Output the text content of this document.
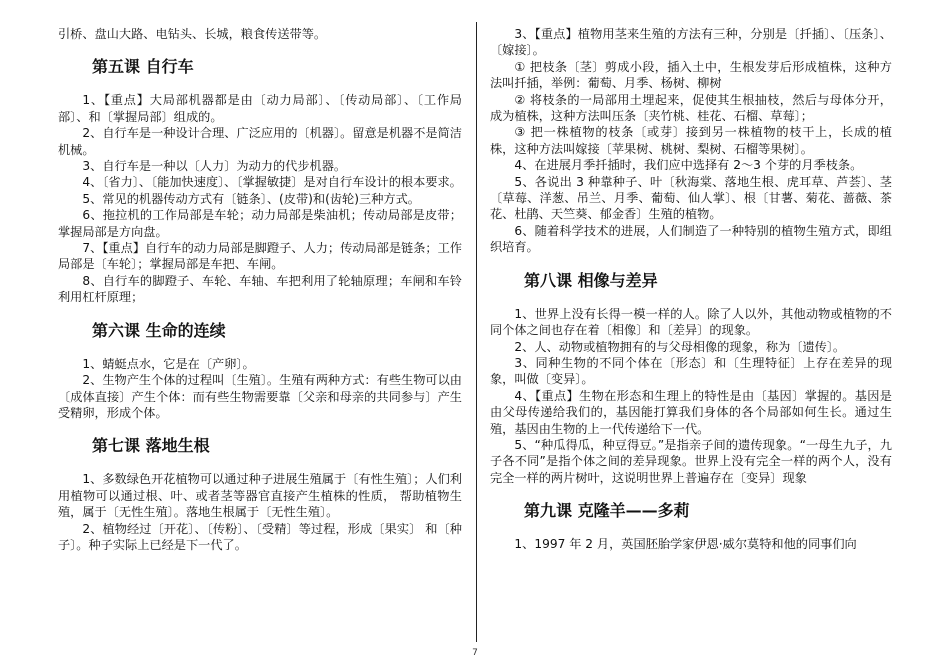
引桥、盘山大路、电钻头、长城，粮食传送带等。

第五课 自行车

1、【重点】大局部机器都是由〔动力局部〕、〔传动局部〕、〔工作局部〕、和〔掌握局部〕组成的。

2、自行车是一种设计合理、广泛应用的〔机器〕。留意是机器不是简洁机械。

3、自行车是一种以〔人力〕为动力的代步机器。

4、〔省力〕、〔能加快速度〕、〔掌握敏捷〕是对自行车设计的根本要求。

5、常见的机器传动方式有〔链条〕、(皮带)和(齿轮)三种方式。

6、拖拉机的工作局部是车轮；动力局部是柴油机；传动局部是皮带；掌握局部是方向盘。

7、【重点】自行车的动力局部是脚蹬子、人力；传动局部是链条；工作局部是〔车轮〕；掌握局部是车把、车闸。

8、自行车的脚蹬子、车轮、车轴、车把利用了轮轴原理；车闸和车铃利用杠杆原理；

第六课 生命的连续

1、蜻蜓点水，它是在〔产卵〕。

2、生物产生个体的过程叫〔生殖〕。生殖有两种方式：有些生物可以由〔成体直接〕产生个体：而有些生物需要靠〔父亲和母亲的共同参与〕产生受精卵，形成个体。

第七课 落地生根

1、多数绿色开花植物可以通过种子进展生殖属于〔有性生殖〕；人们利用植物可以通过根、叶、或者茎等器官直接产生植株的性质， 帮助植物生殖，属于〔无性生殖〕。落地生根属于〔无性生殖〕。

2、植物经过〔开花〕、〔传粉〕、〔受精〕等过程，形成〔果实〕 和〔种子〕。种子实际上已经是下一代了。

3、【重点】植物用茎来生殖的方法有三种，分别是〔扦插〕、〔压条〕、〔嫁接〕。

① 把枝条〔茎〕剪成小段，插入土中，生根发芽后形成植株，这种方法叫扦插，举例：葡萄、月季、杨树、柳树

② 将枝条的一局部用土埋起来，促使其生根抽枝，然后与母体分开，成为植株，这种方法叫压条〔夹竹桃、桂花、石榴、草莓〕；

③ 把一株植物的枝条〔或芽〕接到另一株植物的枝干上，长成的植株，这种方法叫嫁接〔苹果树、桃树、梨树、石榴等果树〕。

4、在进展月季扦插时，我们应中选择有 2～3 个芽的月季枝条。

5、各说出 3 种靠种子、叶〔秋海棠、落地生根、虎耳草、芦荟〕、茎〔草莓、洋葱、吊兰、月季、葡萄、仙人掌〕、根〔甘薯、菊花、蔷薇、茶花、杜鹃、天竺葵、郁金香〕生殖的植物。

6、随着科学技术的进展，人们制造了一种特别的植物生殖方式，即组织培育。

第八课 相像与差异

1、世界上没有长得一模一样的人。除了人以外，其他动物或植物的不同个体之间也存在着〔相像〕和〔差异〕的现象。

2、人、动物或植物拥有的与父母相像的现象，称为〔遗传〕。

3、同种生物的不同个体在〔形态〕和〔生理特征〕上存在差异的现象，叫做〔变异〕。

4、【重点】生物在形态和生理上的特性是由〔基因〕掌握的。基因是由父母传递给我们的，基因能打算我们身体的各个局部如何生长。通过生殖，基因由生物的上一代传递给下一代。

5、“种瓜得瓜，种豆得豆。”是指亲子间的遗传现象。“一母生九子，九子各不同”是指个体之间的差异现象。世界上没有完全一样的两个人，没有完全一样的两片树叶，这说明世界上普遍存在〔变异〕现象

第九课 克隆羊——多莉

1、1997 年 2 月，英国胚胎学家伊恩·威尔莫特和他的同事们向

7
